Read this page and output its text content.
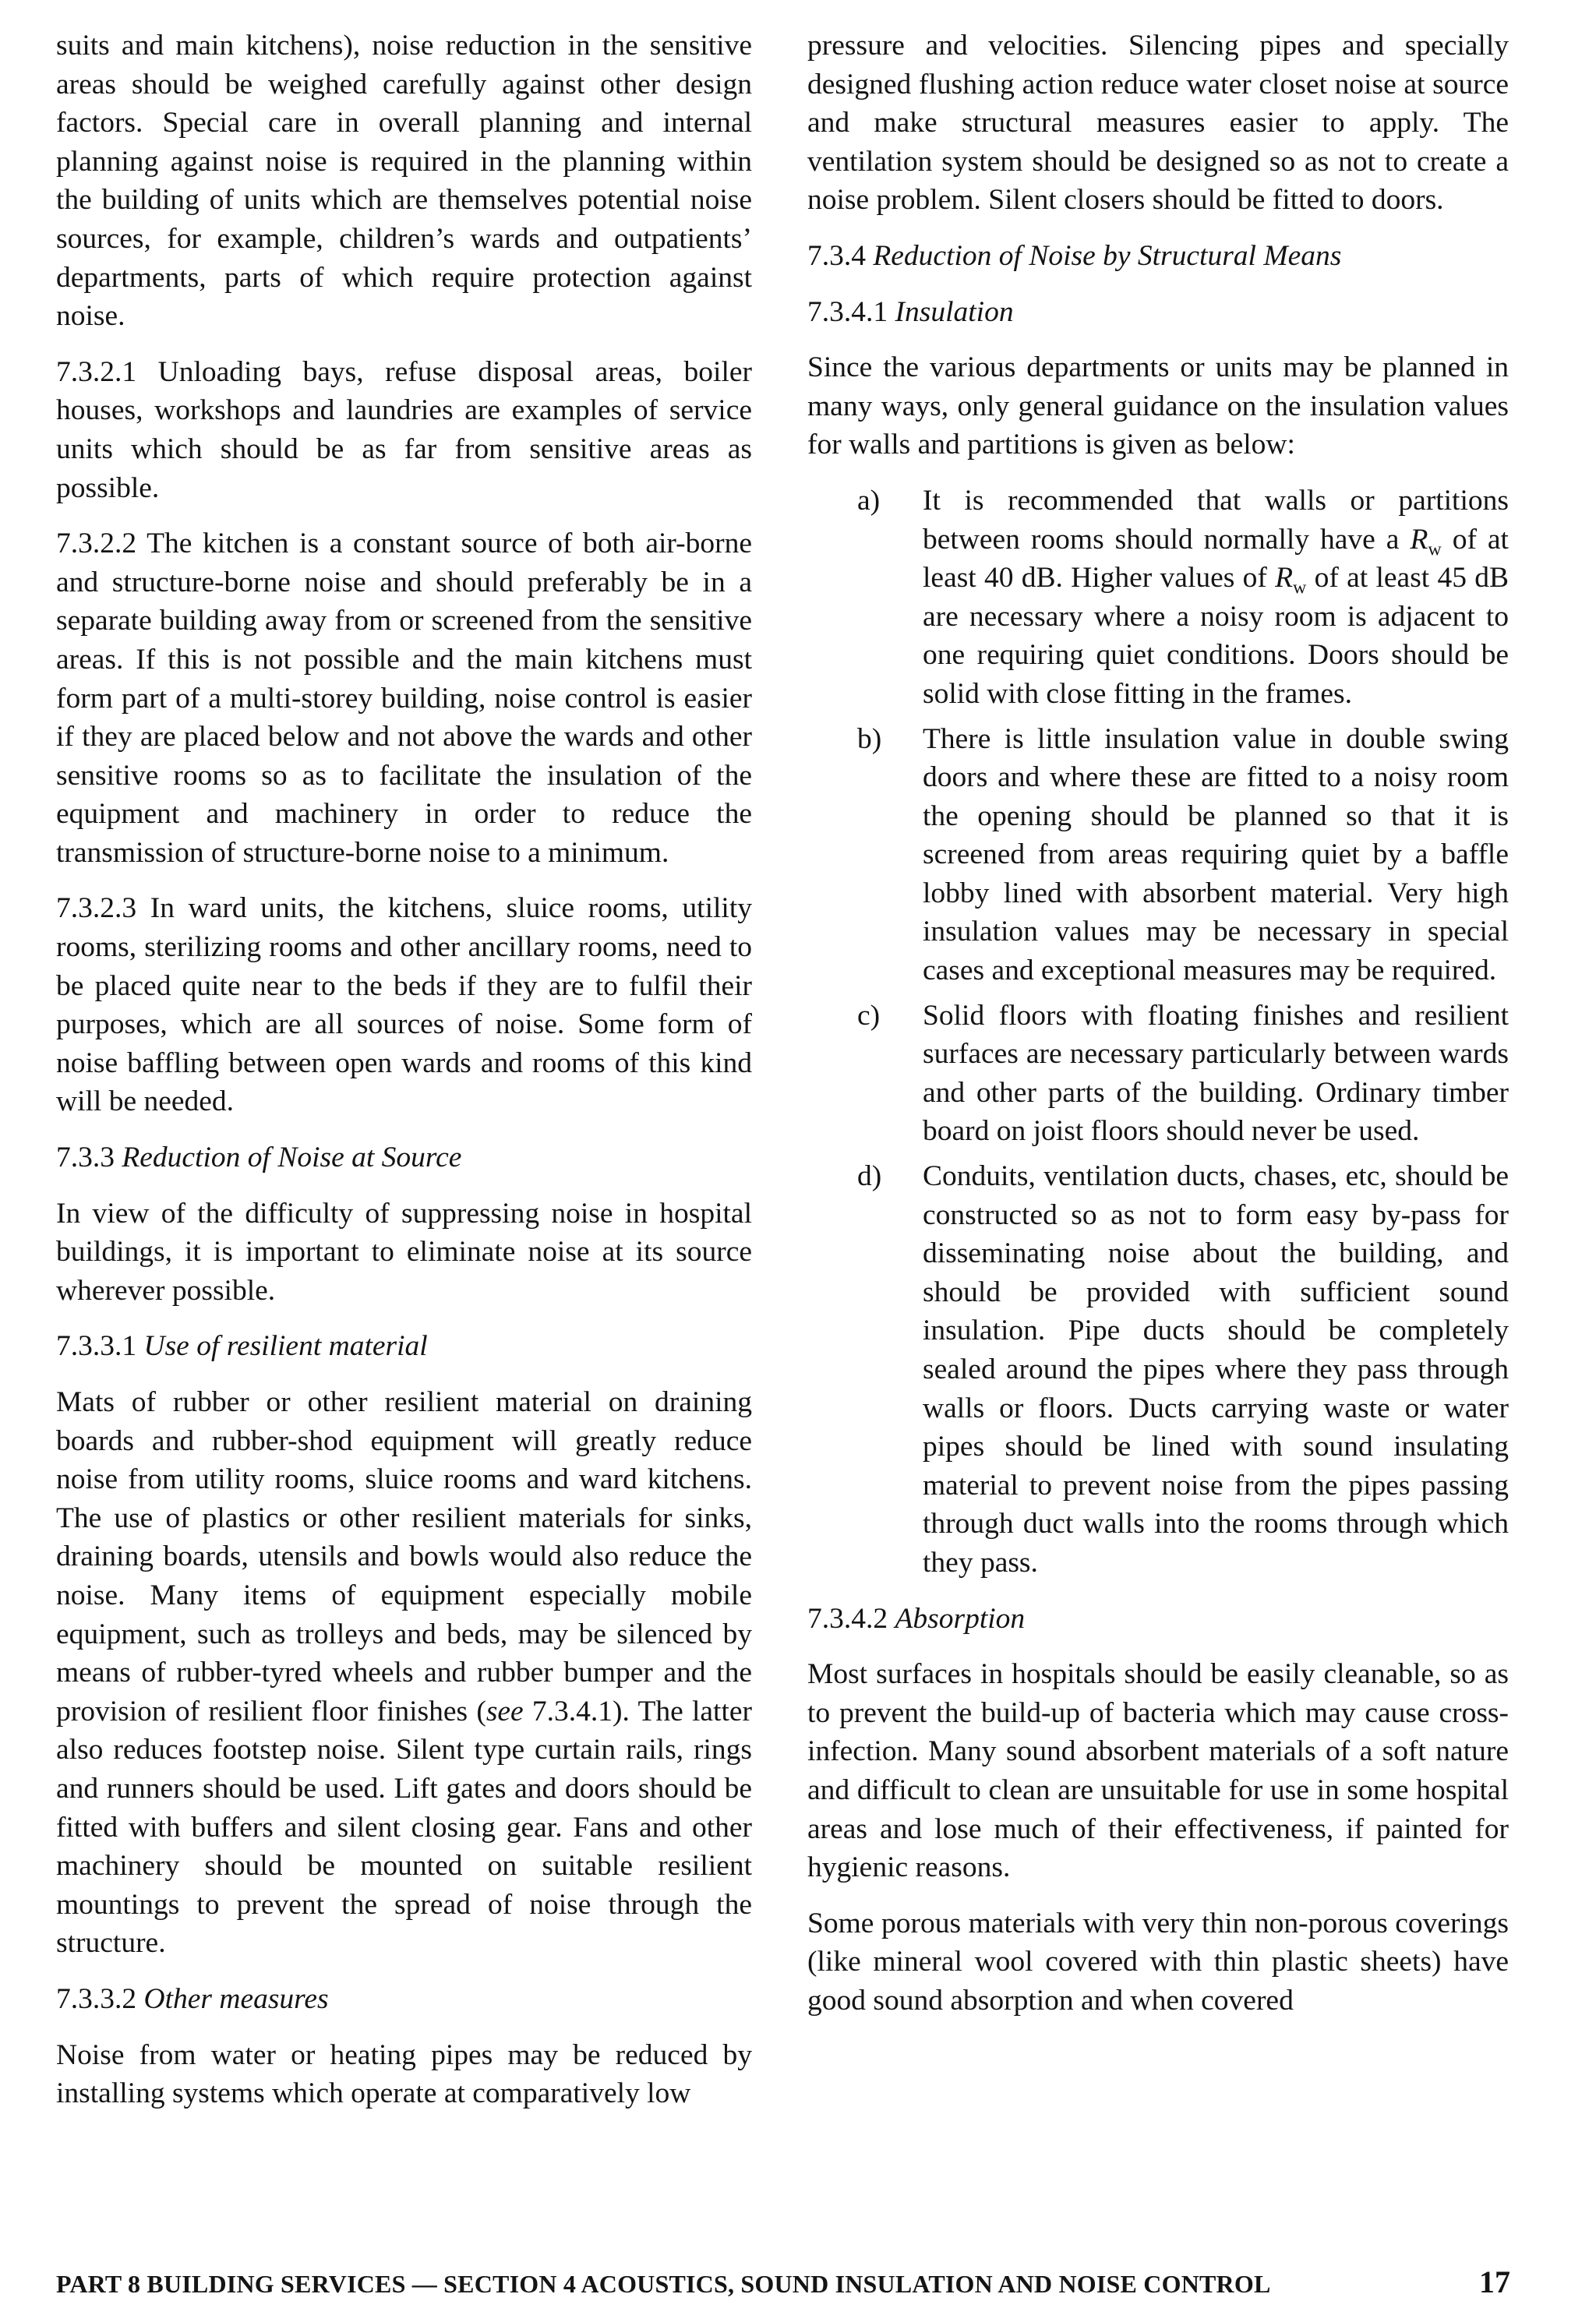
suits and main kitchens), noise reduction in the sensitive areas should be weighed carefully against other design factors. Special care in overall planning and internal planning against noise is required in the planning within the building of units which are themselves potential noise sources, for example, children’s wards and outpatients’ departments, parts of which require protection against noise.

7.3.2.1 Unloading bays, refuse disposal areas, boiler houses, workshops and laundries are examples of service units which should be as far from sensitive areas as possible.

7.3.2.2 The kitchen is a constant source of both air-borne and structure-borne noise and should preferably be in a separate building away from or screened from the sensitive areas. If this is not possible and the main kitchens must form part of a multi-storey building, noise control is easier if they are placed below and not above the wards and other sensitive rooms so as to facilitate the insulation of the equipment and machinery in order to reduce the transmission of structure-borne noise to a minimum.

7.3.2.3 In ward units, the kitchens, sluice rooms, utility rooms, sterilizing rooms and other ancillary rooms, need to be placed quite near to the beds if they are to fulfil their purposes, which are all sources of noise. Some form of noise baffling between open wards and rooms of this kind will be needed.

7.3.3 Reduction of Noise at Source

In view of the difficulty of suppressing noise in hospital buildings, it is important to eliminate noise at its source wherever possible.

7.3.3.1 Use of resilient material

Mats of rubber or other resilient material on draining boards and rubber-shod equipment will greatly reduce noise from utility rooms, sluice rooms and ward kitchens. The use of plastics or other resilient materials for sinks, draining boards, utensils and bowls would also reduce the noise. Many items of equipment especially mobile equipment, such as trolleys and beds, may be silenced by means of rubber-tyred wheels and rubber bumper and the provision of resilient floor finishes (see 7.3.4.1). The latter also reduces footstep noise. Silent type curtain rails, rings and runners should be used. Lift gates and doors should be fitted with buffers and silent closing gear. Fans and other machinery should be mounted on suitable resilient mountings to prevent the spread of noise through the structure.

7.3.3.2 Other measures

Noise from water or heating pipes may be reduced by installing systems which operate at comparatively low

pressure and velocities. Silencing pipes and specially designed flushing action reduce water closet noise at source and make structural measures easier to apply. The ventilation system should be designed so as not to create a noise problem. Silent closers should be fitted to doors.

7.3.4 Reduction of Noise by Structural Means

7.3.4.1 Insulation

Since the various departments or units may be planned in many ways, only general guidance on the insulation values for walls and partitions is given as below:

a)	It is recommended that walls or partitions between rooms should normally have a $R_w$ of at least 40 dB. Higher values of $R_w$ of at least 45 dB are necessary where a noisy room is adjacent to one requiring quiet conditions. Doors should be solid with close fitting in the frames.

b)	There is little insulation value in double swing doors and where these are fitted to a noisy room the opening should be planned so that it is screened from areas requiring quiet by a baffle lobby lined with absorbent material. Very high insulation values may be necessary in special cases and exceptional measures may be required.

c)	Solid floors with floating finishes and resilient surfaces are necessary particularly between wards and other parts of the building. Ordinary timber board on joist floors should never be used.

d)	Conduits, ventilation ducts, chases, etc, should be constructed so as not to form easy by-pass for disseminating noise about the building, and should be provided with sufficient sound insulation. Pipe ducts should be completely sealed around the pipes where they pass through walls or floors. Ducts carrying waste or water pipes should be lined with sound insulating material to prevent noise from the pipes passing through duct walls into the rooms through which they pass.

7.3.4.2 Absorption

Most surfaces in hospitals should be easily cleanable, so as to prevent the build-up of bacteria which may cause cross-infection. Many sound absorbent materials of a soft nature and difficult to clean are unsuitable for use in some hospital areas and lose much of their effectiveness, if painted for hygienic reasons.

Some porous materials with very thin non-porous coverings (like mineral wool covered with thin plastic sheets) have good sound absorption and when covered

PART 8 BUILDING SERVICES — SECTION 4 ACOUSTICS, SOUND INSULATION AND NOISE CONTROL	17
